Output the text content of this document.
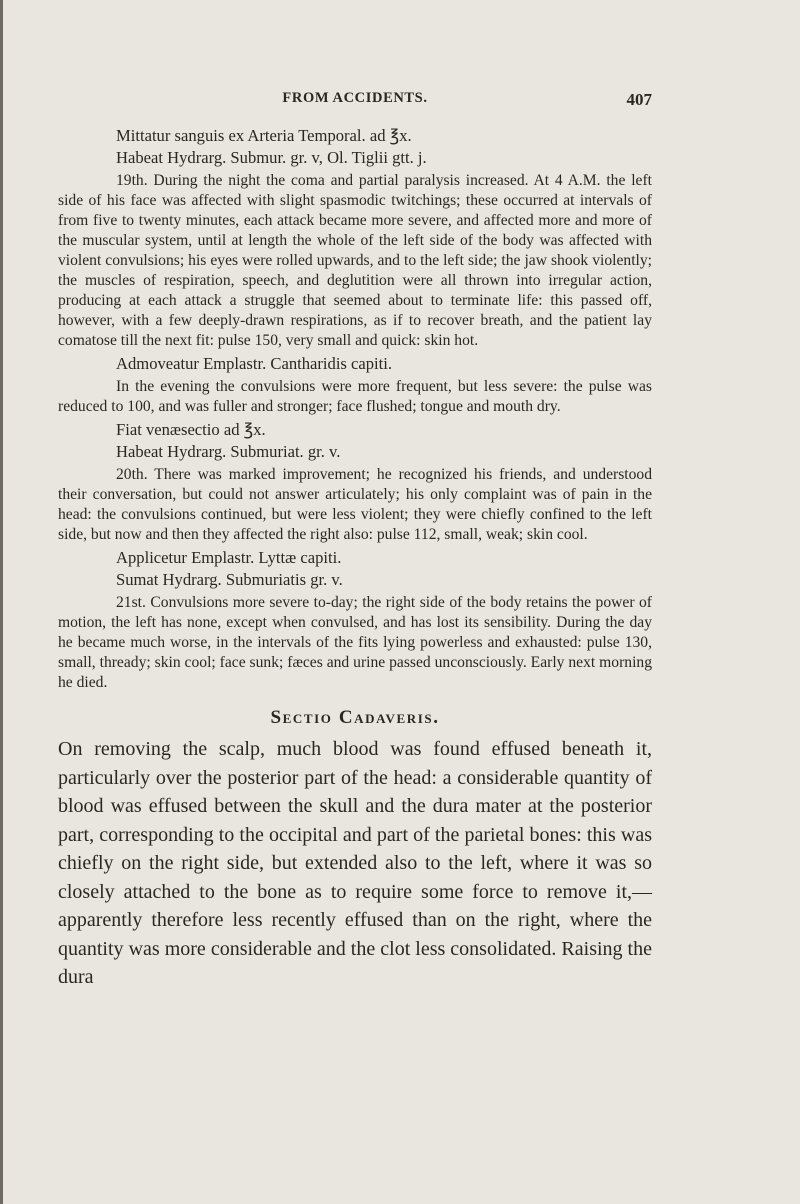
FROM ACCIDENTS.	407

Mittatur sanguis ex Arteria Temporal. ad ℥x.

Habeat Hydrarg. Submur. gr. v, Ol. Tiglii gtt. j.

19th. During the night the coma and partial paralysis increased. At 4 A.M. the left side of his face was affected with slight spasmodic twitchings; these occurred at intervals of from five to twenty minutes, each attack became more severe, and affected more and more of the muscular system, until at length the whole of the left side of the body was affected with violent convulsions; his eyes were rolled upwards, and to the left side; the jaw shook violently; the muscles of respiration, speech, and deglutition were all thrown into irregular action, producing at each attack a struggle that seemed about to terminate life: this passed off, however, with a few deeply-drawn respirations, as if to recover breath, and the patient lay comatose till the next fit: pulse 150, very small and quick: skin hot.

Admoveatur Emplastr. Cantharidis capiti.

In the evening the convulsions were more frequent, but less severe: the pulse was reduced to 100, and was fuller and stronger; face flushed; tongue and mouth dry.

Fiat venæsectio ad ℥x.

Habeat Hydrarg. Submuriat. gr. v.

20th. There was marked improvement; he recognized his friends, and understood their conversation, but could not answer articulately; his only complaint was of pain in the head: the convulsions continued, but were less violent; they were chiefly confined to the left side, but now and then they affected the right also: pulse 112, small, weak; skin cool.

Applicetur Emplastr. Lyttæ capiti.

Sumat Hydrarg. Submuriatis gr. v.

21st. Convulsions more severe to-day; the right side of the body retains the power of motion, the left has none, except when convulsed, and has lost its sensibility. During the day he became much worse, in the intervals of the fits lying powerless and exhausted: pulse 130, small, thready; skin cool; face sunk; fæces and urine passed unconsciously. Early next morning he died.

Sectio Cadaveris.

On removing the scalp, much blood was found effused beneath it, particularly over the posterior part of the head: a considerable quantity of blood was effused between the skull and the dura mater at the posterior part, corresponding to the occipital and part of the parietal bones: this was chiefly on the right side, but extended also to the left, where it was so closely attached to the bone as to require some force to remove it,—apparently therefore less recently effused than on the right, where the quantity was more considerable and the clot less consolidated. Raising the dura
